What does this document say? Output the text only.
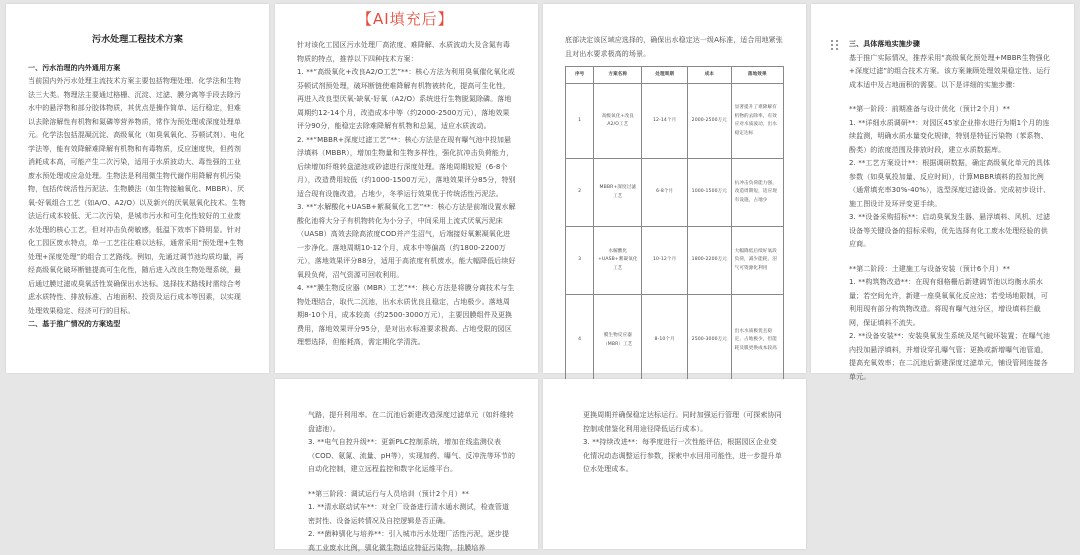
污水处理工程技术方案

一、污水治理的内外通用方案

当前国内外污水处理主流技术方案主要包括物理处理、化学法和生物法三大类。物理法主要通过格栅、沉淀、过滤、膜分离等手段去除污水中的悬浮物和部分胶体物质，其优点是操作简单、运行稳定，但难以去除溶解性有机物和氮磷等营养物质，常作为预处理或深度处理单元。化学法包括混凝沉淀、高级氧化（如臭氧氧化、芬顿试剂）、电化学法等，能有效降解难降解有机物和有毒物质，反应速度快，但药剂消耗成本高，可能产生二次污染，适用于水质波动大、毒性强的工业废水预处理或应急处理。生物法是利用微生物代谢作用降解有机污染物，包括传统活性污泥法、生物膜法（如生物接触氧化、MBBR）、厌氧-好氧组合工艺（如A/O、A2/O）以及新兴的厌氧氨氧化技术。生物法运行成本较低、无二次污染，是城市污水和可生化性较好的工业废水处理的核心工艺，但对冲击负荷敏感，低温下效率下降明显。针对化工园区废水特点，单一工艺往往难以达标，通常采用“预处理+生物处理+深度处理”的组合工艺路线。例如，先通过调节池均质均量，再经高级氧化破环断链提高可生化性，随后进入改良生物处理系统，最后通过膜过滤或臭氧活性炭确保出水达标。选择技术路线时需综合考虑水质特性、排放标准、占地面积、投资及运行成本等因素，以实现处理效果稳定、经济可行的目标。

二、基于推广情况的方案选型

【AI填充后】

针对该化工园区污水处理厂高浓度、难降解、水质波动大及含氮有毒物质的特点，推荐以下四种技术方案：

1. **“高级氧化+改良A2/O工艺”**：核心方法为利用臭氧催化氧化或芬顿试剂预处理，破环断链使难降解有机物被转化，提高可生化性，再进入改良型厌氧-缺氧-好氧（A2/O）系统进行生物脱氮除磷。落地周期约12-14个月，改造成本中等（约2000-2500万元），落地效果评分90分，能稳定去除难降解有机物和总氮，适应水质波动。

2. **“MBBR+深度过滤工艺”**：核心方法是在现有曝气池中投加悬浮填料（MBBR），增加生物量和生物多样性，强化抗冲击负荷能力，后续增加纤维转盘滤池或砂滤进行深度处理。落地周期较短（6-8个月），改造费用较低（约1000-1500万元），落地效果评分85分，特别适合现有设施改造，占地少，冬季运行效果优于传统活性污泥法。

3. **“水解酸化+UASB+絮凝氧化工艺”**：核心方法是前端设置水解酸化池将大分子有机物转化为小分子，中间采用上流式厌氧污泥床（UASB）高效去除高浓度COD并产生沼气，后端接好氧絮凝氧化进一步净化。落地周期10-12个月，成本中等偏高（约1800-2200万元），落地效果评分88分，适用于高浓度有机废水，能大幅降低后续好氧段负荷，沼气资源可回收利用。

4. **“膜生物反应器（MBR）工艺”**：核心方法是将膜分离技术与生物处理结合，取代二沉池，出水水质优良且稳定，占地极少。落地周期8-10个月，成本较高（约2500-3000万元），主要因膜组件及更换费用，落地效果评分95分，是对出水标准要求极高、占地受限的园区理想选择，但能耗高，需定期化学清洗。

底部决定该区域应选择的，确保出水稳定达一级A标准，适合用地紧张且对出水要求极高的场景。

序号	方案名称	处理周期	成本	落地效果
1	高级氧化+改良A2/O工艺	12-14个月	2000-2500万元	显著提升了难降解有机物的去除率，有效应对水质波动，出水稳定达标
2	MBBR+深度过滤工艺	6-8个月	1000-1500万元	抗冲击负荷能力强，改造周期短，适应现有设施，占地少
3	水解酸化+UASB+絮凝氧化工艺	10-12个月	1800-2200万元	大幅降低后续好氧段负荷，减少能耗，沼气可资源化利用
4	膜生物反应器（MBR）工艺	8-10个月	2500-3000万元	出水水质极优且稳定，占地极少，但能耗及膜更换成本较高

三、具体落地实施步骤

基于推广实际情况，推荐采用“高级氧化预处理+MBBR生物强化+深度过滤”的组合技术方案。该方案兼顾处理效果稳定性、运行成本适中及占地面积的需要。以下是详细的实施步骤：

**第一阶段：前期准备与设计优化（预计2个月）**

1. **详细水质调研**：对园区45家企业排水进行为期1个月的连续监测，明确水质水量变化规律，特别是特征污染物（苯系物、酚类）的浓度范围及排放时段，建立水质数据库。

2. **工艺方案设计**：根据调研数据，确定高级氧化单元的具体参数（如臭氧投加量、反应时间），计算MBBR填料的投加比例（通常填充率30%-40%），选型深度过滤设备。完成初步设计、施工图设计及环评变更手续。

3. **设备采购招标**：启动臭氧发生器、悬浮填料、风机、过滤设备等关键设备的招标采购，优先选择有化工废水处理经验的供应商。

**第二阶段：土建施工与设备安装（预计6个月）**

1. **构筑物改造**：在现有细格栅后新建调节池以均衡水质水量；若空间允许，新建一座臭氧氧化反应池；若受场地限制，可利用现有部分构筑物改造。将现有曝气池分区，增设填料拦截网，保证填料不流失。

2. **设备安装**：安装臭氧发生系统及尾气破坏装置；在曝气池内投加悬浮填料，并增设穿孔曝气管；更换或新增曝气池管道，提高充氧效率；在二沉池后新建深度过滤单元，铺设管网连接各单元。

气路，提升利用率。在二沉池后新建改造深度过滤单元（如纤维转盘滤池）。

3. **电气自控升级**：更新PLC控制系统，增加在线监测仪表（COD、氨氮、流量、pH等），实现加药、曝气、反冲洗等环节的自动化控制，建立远程监控和数字化运维平台。

**第三阶段：调试运行与人员培训（预计2个月）**

1. **清水联动试车**：对全厂设备进行清水通水测试，检查管道密封性、设备运转情况及自控逻辑是否正确。

2. **菌种驯化与培养**：引入城市污水处理厂活性污泥，逐步提高工业废水比例，驯化微生物适应特征污染物，挂膜培养

更换周期并确保稳定达标运行。同时加强运行管理（可探索协同控制或借鉴化利用途径降低运行成本）。

3. **持续改进**：每季度进行一次性能评估，根据园区企业变化情况动态调整运行参数，探索中水回用可能性，进一步提升单位水处理成本。
